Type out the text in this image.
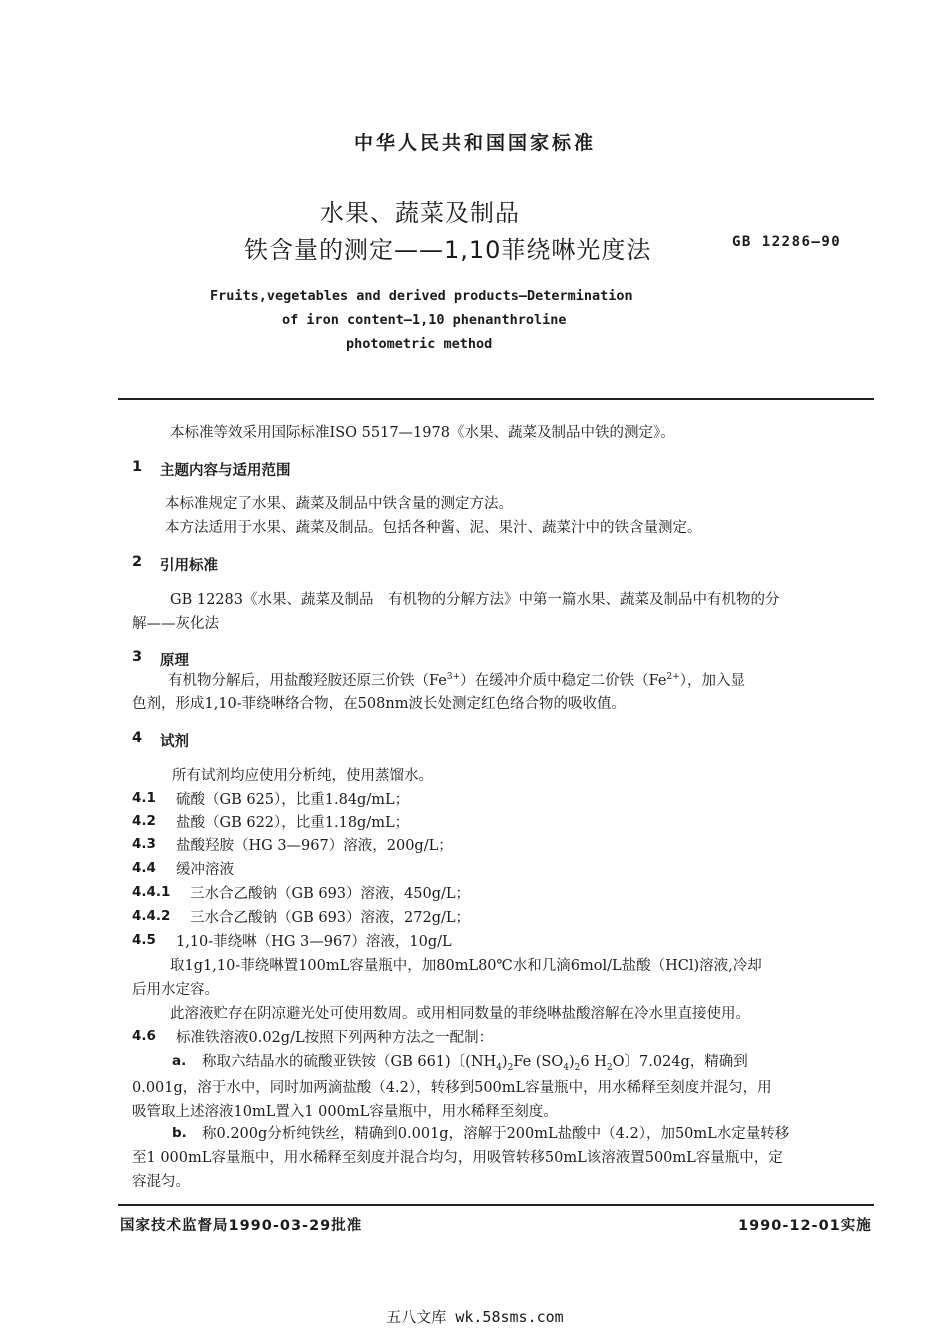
中华人民共和国国家标准
水果、蔬菜及制品
铁含量的测定——1,10菲绕啉光度法	GB 12286—90
Fruits,vegetables and derived products—Determination
of iron content—1,10 phenanthroline
photometric method
本标准等效采用国际标准ISO 5517—1978《水果、蔬菜及制品中铁的测定》。
1 主题内容与适用范围
本标准规定了水果、蔬菜及制品中铁含量的测定方法。
本方法适用于水果、蔬菜及制品。包括各种酱、泥、果汁、蔬菜汁中的铁含量测定。
2 引用标准
GB 12283《水果、蔬菜及制品　有机物的分解方法》中第一篇水果、蔬菜及制品中有机物的分
解——灰化法
3 原理
有机物分解后，用盐酸羟胺还原三价铁$(Fe^{3+})$在缓冲介质中稳定二价铁$(Fe^{2+})$，加入显
色剂，形成1,10-菲绕啉络合物，在508nm波长处测定红色络合物的吸收值。
4 试剂
所有试剂均应使用分析纯，使用蒸馏水。
4.1 硫酸（GB 625），比重1.84g/mL；
4.2 盐酸（GB 622），比重1.18g/mL；
4.3 盐酸羟胺（HG 3—967）溶液，200g/L；
4.4 缓冲溶液
4.4.1 三水合乙酸钠（GB 693）溶液，450g/L；
4.4.2 三水合乙酸钠（GB 693）溶液，272g/L；
4.5 1,10-菲绕啉（HG 3—967）溶液，10g/L
取1g1,10-菲绕啉置100mL容量瓶中，加80mL80℃水和几滴6mol/L盐酸（HCl)溶液,冷却
后用水定容。
此溶液贮存在阴凉避光处可使用数周。或用相同数量的菲绕啉盐酸溶解在冷水里直接使用。
4.6 标准铁溶液0.02g/L按照下列两种方法之一配制：
a. 称取六结晶水的硫酸亚铁铵（GB 661)〔$(NH_4)_2Fe$ $(SO_4)_26$ $H_2O$〕7.024g，精确到
0.001g，溶于水中，同时加两滴盐酸（4.2），转移到500mL容量瓶中，用水稀释至刻度并混匀，用
吸管取上述溶液10mL置入1 000mL容量瓶中，用水稀释至刻度。
b. 称0.200g分析纯铁丝，精确到0.001g，溶解于200mL盐酸中（4.2），加50mL水定量转移
至1 000mL容量瓶中，用水稀释至刻度并混合均匀，用吸管转移50mL该溶液置500mL容量瓶中，定
容混匀。
国家技术监督局1990-03-29批准	1990-12-01实施
五八文库 wk.58sms.com
